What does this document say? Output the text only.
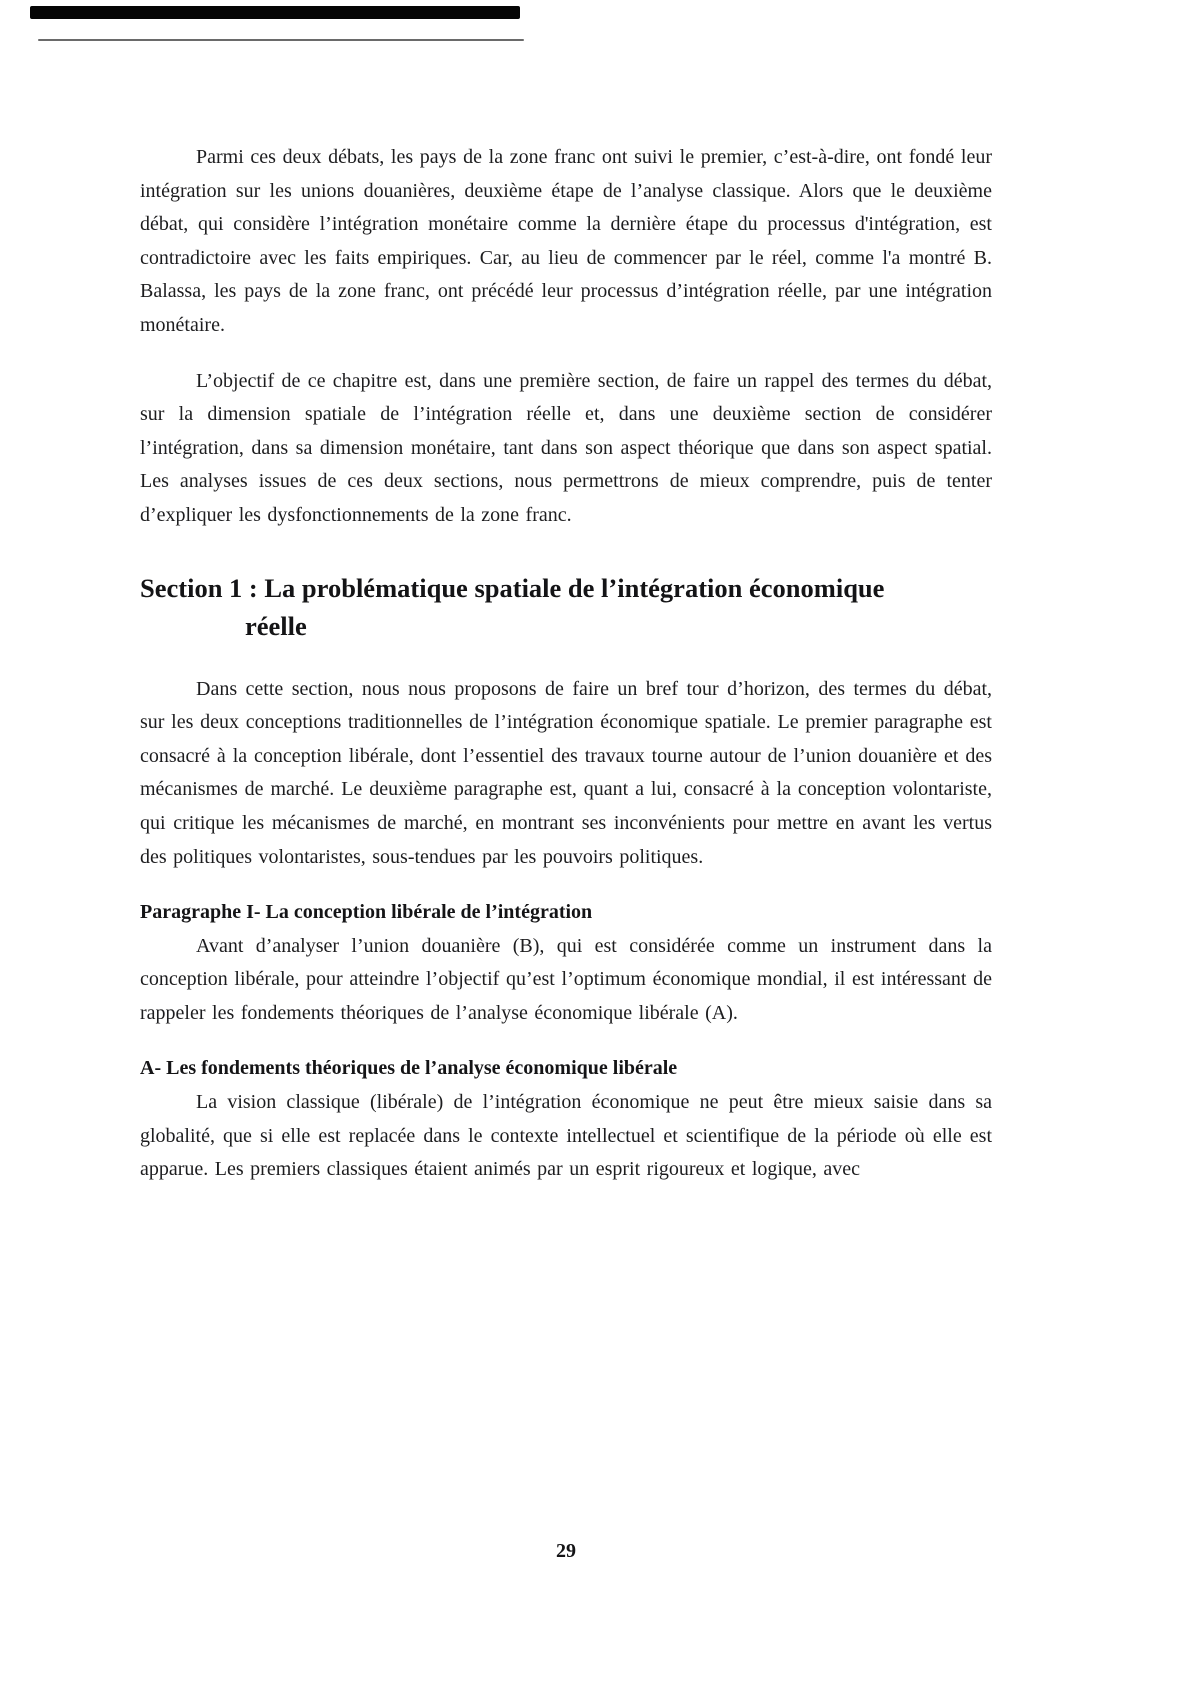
Parmi ces deux débats, les pays de la zone franc ont suivi le premier, c’est-à-dire, ont fondé leur intégration sur les unions douanières, deuxième étape de l’analyse classique. Alors que le deuxième débat, qui considère l’intégration monétaire comme la dernière étape du processus d'intégration, est contradictoire avec les faits empiriques. Car, au lieu de commencer par le réel, comme l'a montré B. Balassa, les pays de la zone franc, ont précédé leur processus d’intégration réelle, par une intégration monétaire.

L’objectif de ce chapitre est, dans une première section, de faire un rappel des termes du débat, sur la dimension spatiale de l’intégration réelle et, dans une deuxième section de considérer l’intégration, dans sa dimension monétaire, tant dans son aspect théorique que dans son aspect spatial. Les analyses issues de ces deux sections, nous permettrons de mieux comprendre, puis de tenter d’expliquer les dysfonctionnements de la zone franc.

Section 1 : La problématique spatiale de l’intégration économique
réelle

Dans cette section, nous nous proposons de faire un bref tour d’horizon, des termes du débat, sur les deux conceptions traditionnelles de l’intégration économique spatiale. Le premier paragraphe est consacré à la conception libérale, dont l’essentiel des travaux tourne autour de l’union douanière et des mécanismes de marché. Le deuxième paragraphe est, quant a lui, consacré à la conception volontariste, qui critique les mécanismes de marché, en montrant ses inconvénients pour mettre en avant les vertus des politiques volontaristes, sous-tendues par les pouvoirs politiques.

Paragraphe I- La conception libérale de l’intégration

Avant d’analyser l’union douanière (B), qui est considérée comme un instrument dans la conception libérale, pour atteindre l’objectif qu’est l’optimum économique mondial, il est intéressant de rappeler les fondements théoriques de l’analyse économique libérale (A).

A- Les fondements théoriques de l’analyse économique libérale

La vision classique (libérale) de l’intégration économique ne peut être mieux saisie dans sa globalité, que si elle est replacée dans le contexte intellectuel et scientifique de la période où elle est apparue. Les premiers classiques étaient animés par un esprit rigoureux et logique, avec

29
